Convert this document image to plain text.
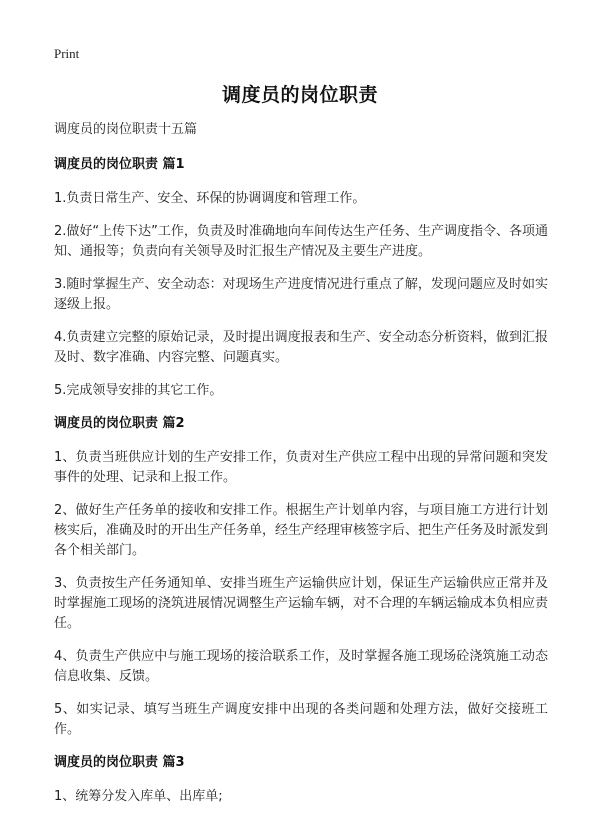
Print
调度员的岗位职责

调度员的岗位职责十五篇

调度员的岗位职责 篇1

1.负责日常生产、安全、环保的协调调度和管理工作。

2.做好“上传下达”工作，负责及时准确地向车间传达生产任务、生产调度指令、各项通知、通报等；负责向有关领导及时汇报生产情况及主要生产进度。

3.随时掌握生产、安全动态：对现场生产进度情况进行重点了解，发现问题应及时如实逐级上报。

4.负责建立完整的原始记录，及时提出调度报表和生产、安全动态分析资料，做到汇报及时、数字准确、内容完整、问题真实。

5.完成领导安排的其它工作。

调度员的岗位职责 篇2

1、负责当班供应计划的生产安排工作，负责对生产供应工程中出现的异常问题和突发事件的处理、记录和上报工作。

2、做好生产任务单的接收和安排工作。根据生产计划单内容，与项目施工方进行计划核实后，准确及时的开出生产任务单，经生产经理审核签字后、把生产任务及时派发到各个相关部门。

3、负责按生产任务通知单、安排当班生产运输供应计划，保证生产运输供应正常并及时掌握施工现场的浇筑进展情况调整生产运输车辆，对不合理的车辆运输成本负相应责任。

4、负责生产供应中与施工现场的接洽联系工作，及时掌握各施工现场砼浇筑施工动态信息收集、反馈。

5、如实记录、填写当班生产调度安排中出现的各类问题和处理方法，做好交接班工作。

调度员的岗位职责 篇3

1、统筹分发入库单、出库单;
